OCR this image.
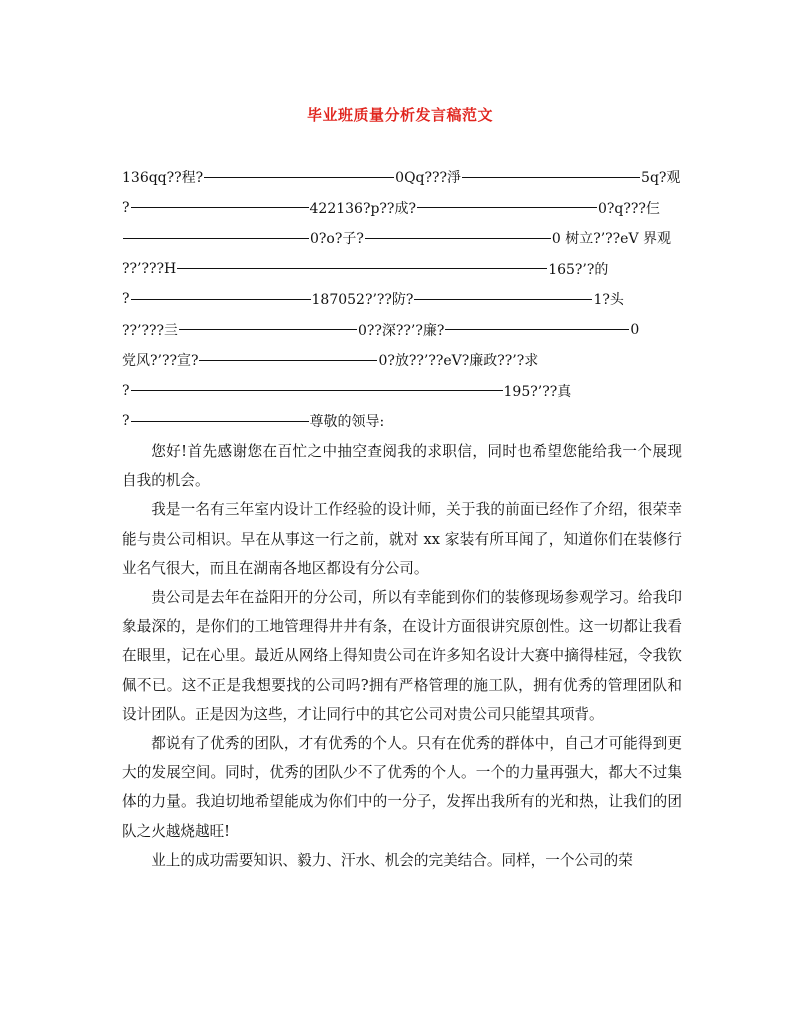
毕业班质量分析发言稿范文
136qq??程?	0Qq???淨	5q?观
?	422136?p??成?	0?q???仨
0?o?子?	0 树立?’??eV 界观
??’???H	165?’?的
?	187052?’??防?	1?头
??’???亖	0??深??’?廉?	0
党风?’??宣?	0?放??’??eV?廉政??’?求
?	195?’??真
?	尊敬的领导:

您好!首先感谢您在百忙之中抽空查阅我的求职信，同时也希望您能给我一个展现自我的机会。

我是一名有三年室内设计工作经验的设计师，关于我的前面已经作了介绍，很荣幸能与贵公司相识。早在从事这一行之前，就对 xx 家装有所耳闻了，知道你们在装修行业名气很大，而且在湖南各地区都设有分公司。

贵公司是去年在益阳开的分公司，所以有幸能到你们的装修现场参观学习。给我印象最深的，是你们的工地管理得井井有条，在设计方面很讲究原创性。这一切都让我看在眼里，记在心里。最近从网络上得知贵公司在许多知名设计大赛中摘得桂冠，令我钦佩不已。这不正是我想要找的公司吗?拥有严格管理的施工队，拥有优秀的管理团队和设计团队。正是因为这些，才让同行中的其它公司对贵公司只能望其项背。

都说有了优秀的团队，才有优秀的个人。只有在优秀的群体中，自己才可能得到更大的发展空间。同时，优秀的团队少不了优秀的个人。一个的力量再强大，都大不过集体的力量。我迫切地希望能成为你们中的一分子，发挥出我所有的光和热，让我们的团队之火越烧越旺!

业上的成功需要知识、毅力、汗水、机会的完美结合。同样，一个公司的荣
